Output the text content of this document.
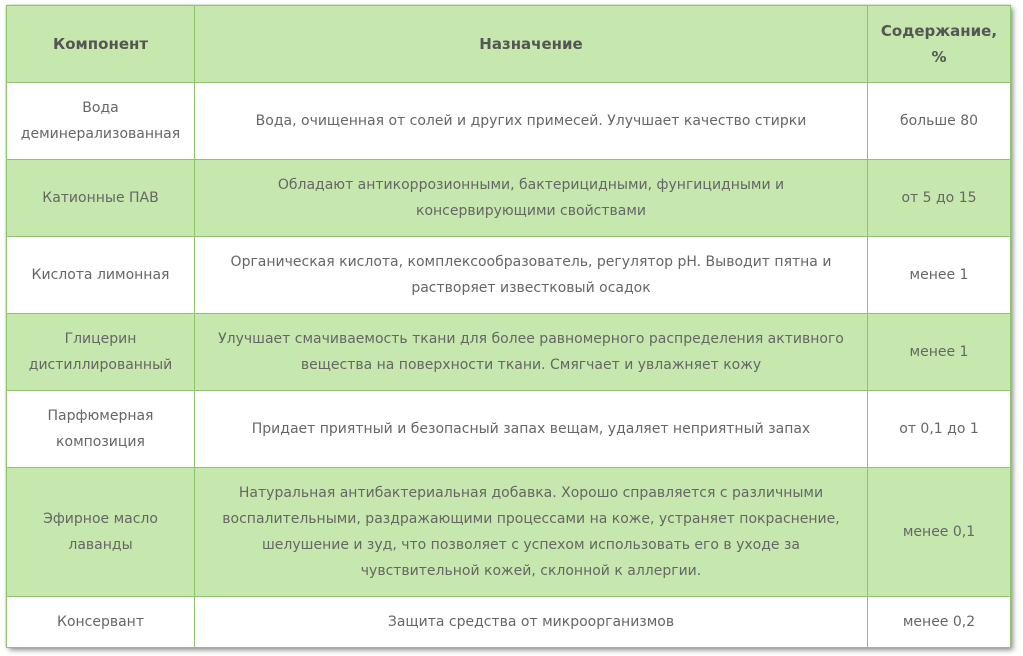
Компонент	Назначение	Содержание, %
Вода деминерализованная	Вода, очищенная от солей и других примесей. Улучшает качество стирки	больше 80
Катионные ПАВ	Обладают антикоррозионными, бактерицидными, фунгицидными и консервирующими свойствами	от 5 до 15
Кислота лимонная	Органическая кислота, комплексообразователь, регулятор pH. Выводит пятна и растворяет известковый осадок	менее 1
Глицерин дистиллированный	Улучшает смачиваемость ткани для более равномерного распределения активного вещества на поверхности ткани. Смягчает и увлажняет кожу	менее 1
Парфюмерная композиция	Придает приятный и безопасный запах вещам, удаляет неприятный запах	от 0,1 до 1
Эфирное масло лаванды	Натуральная антибактериальная добавка. Хорошо справляется с различными воспалительными, раздражающими процессами на коже, устраняет покраснение, шелушение и зуд, что позволяет с успехом использовать его в уходе за чувствительной кожей, склонной к аллергии.	менее 0,1
Консервант	Защита средства от микроорганизмов	менее 0,2
